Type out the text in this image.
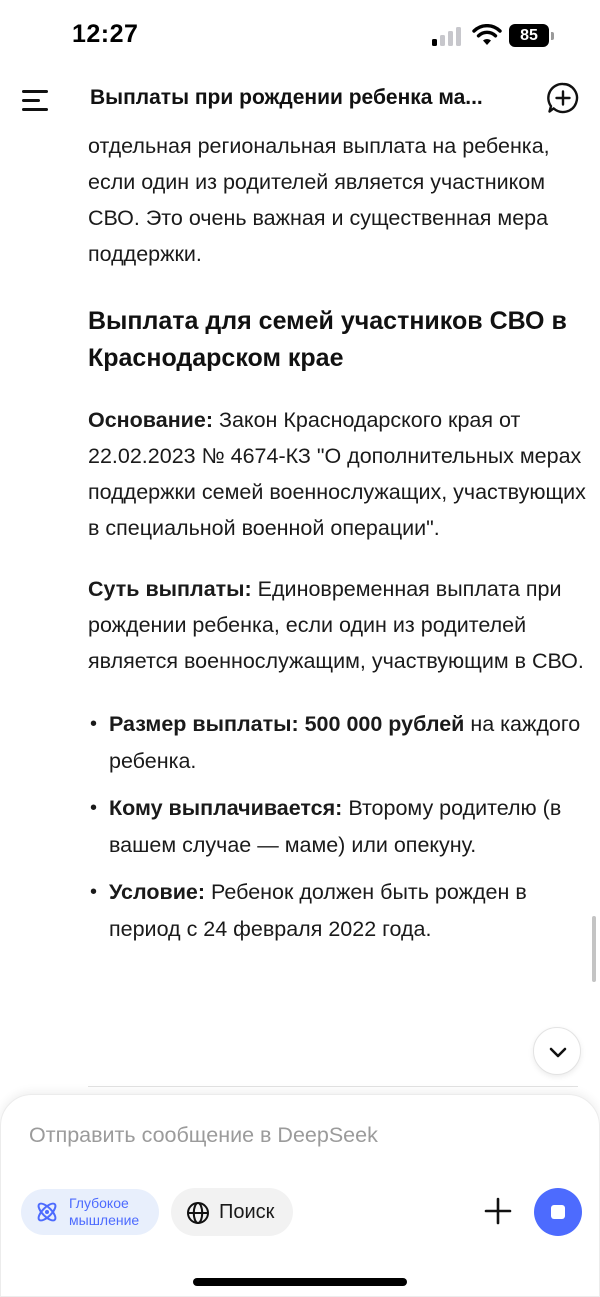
12:27	85
Выплаты при рождении ребенка ма...

отдельная региональная выплата на ребенка, если один из родителей является участником СВО. Это очень важная и существенная мера поддержки.

Выплата для семей участников СВО в Краснодарском крае

Основание: Закон Краснодарского края от 22.02.2023 № 4674-КЗ "О дополнительных мерах поддержки семей военнослужащих, участвующих в специальной военной операции".

Суть выплаты: Единовременная выплата при рождении ребенка, если один из родителей является военнослужащим, участвующим в СВО.

• Размер выплаты: 500 000 рублей на каждого ребенка.
• Кому выплачивается: Второму родителю (в вашем случае — маме) или опекуну.
• Условие: Ребенок должен быть рожден в период с 24 февраля 2022 года.
Отправить сообщение в DeepSeek
Глубокое мышление	Поиск
